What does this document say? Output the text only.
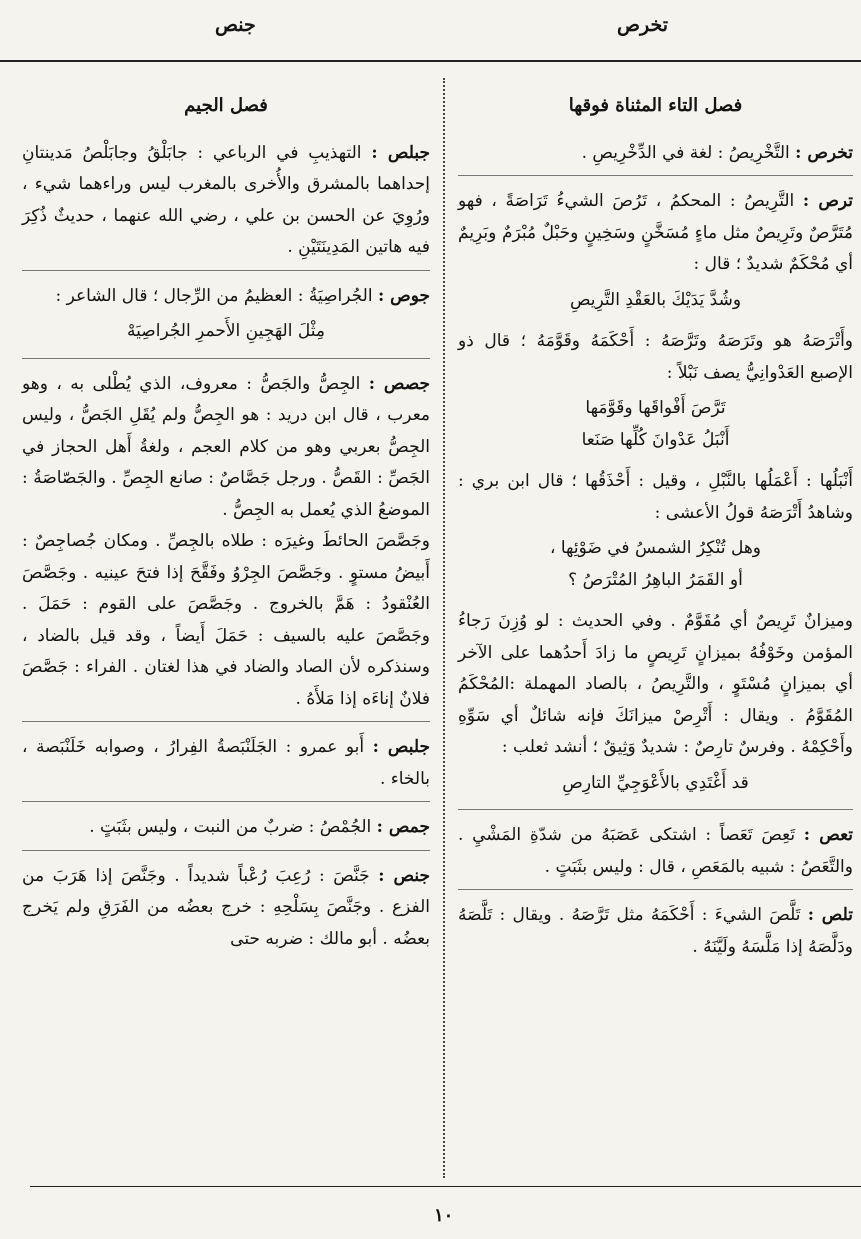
جنص	تخرص
فصل التاء المثناة فوقها
تخرص : التَّخْرِيصُ : لغة في الدِّخْرِيصِ .
ترص : التَّرِيصُ : المحكمُ ، تَرُصَ الشيءُ تَرَاصَةً ، فهو مُتَرَّصٌ وتَرِيصٌ مثل ماءٍ مُسَخَّنٍ وسَخِينٍ وحَبْلٌ مُبْرَمٌ وبَرِيمٌ أي مُحْكَمٌ شديدٌ ؛ قال :
وشُدَّ يَدَيْكَ بالعَقْدِ التَّرِيصِ
وأَتْرَصَهُ هو وتَرَصَهُ وتَرَّصَهُ : أَحْكَمَهُ وقَوَّمَهُ ؛ قال ذو الإصبع العَدْوانِيُّ يصف نَبْلاً :
تَرَّصَ أَفْواقَها وقَوَّمَها
أَنْبَلُ عَدْوانَ كُلِّها صَنَعا
أَنْبَلُها : أَعْمَلُها بالنَّبْلِ ، وقيل : أَحْذَقُها ؛ قال ابن بري : وشاهدُ أَتْرَصَهُ قولُ الأعشى :
وهل تُنْكِرُ الشمسُ في ضَوْئِها ،
أو القَمَرُ الباهِرُ المُتْرَصُ ؟
وميزانٌ تَرِيصٌ أي مُقَوَّمٌ . وفي الحديث : لو وُزِنَ رَجاءُ المؤمن وخَوْفُهُ بميزانٍ تَرِيصٍ ما زادَ أَحدُهما على الآخر أي بميزانٍ مُسْتَوٍ ، والتَّرِيصُ ، بالصاد المهملة :المُحْكَمُ المُقَوَّمُ . ويقال : أَتْرِصْ ميزانَكَ فإنه شائلٌ أي سَوِّهِ وأَحْكِمْهُ . وفرسٌ تارِصٌ : شديدٌ وَثِيقٌ ؛ أنشد ثعلب :
قد أَغْتَدِي بالأَعْوَجِيِّ التارِصِ
تعص : تَعِصَ تَعَصاً : اشتكى عَصَبَهُ من شدّةِ المَشْيِ . والتَّعَصُ : شبيه بالمَعَصِ ، قال : وليس بثَبَتٍ .
تلص : تَلَّصَ الشيءَ : أَحْكَمَهُ مثل تَرَّصَهُ . ويقال : تَلَّصَهُ ودَلَّصَهُ إذا مَلَّسَهُ ولَيَّنَهُ .
فصل الجيم
جبلص : التهذيبِ في الرباعي : جابَلْقُ وجابَلْصُ مَدينتانِ إحداهما بالمشرق والأُخرى بالمغرب ليس وراءهما شيء ، ورُوِيَ عن الحسن بن علي ، رضي الله عنهما ، حديثٌ ذُكِرَ فيه هاتين المَدِينَتَيْنِ .
جوص : الجُراصِيَةُ : العظيمُ من الرِّجال ؛ قال الشاعر :
مِثْلَ الهَجِينِ الأَحمرِ الجُراصِيَهْ
جصص : الجِصُّ والجَصُّ : معروف، الذي يُطْلى به ، وهو معرب ، قال ابن دريد : هو الجِصُّ ولم يُقَلِ الجَصُّ ، وليس الجِصُّ بعربي وهو من كلام العجم ، ولغةُ أَهل الحجاز في الجَصِّ : القَصُّ . ورجل جَصَّاصٌ : صانع الجِصِّ . والجَصّاصَةُ : الموضعُ الذي يُعمل به الجِصُّ .
وجَصَّصَ الحائطَ وغيرَه : طلاه بالجِصِّ . ومكان جُصاجِصٌ : أَبيضُ مستوٍ . وجَصَّصَ الجِرْوُ وفَقَّحَ إذا فتحَ عينيه . وجَصَّصَ العُنْقودُ : هَمَّ بالخروج . وجَصَّصَ على القوم : حَمَلَ . وجَصَّصَ عليه بالسيف : حَمَلَ أَيضاً ، وقد قيل بالضاد ، وسنذكره لأن الصاد والضاد في هذا لغتان . الفراء : جَصَّصَ فلانٌ إناءَه إذا مَلأَهُ .
جلبص : أَبو عمرو : الجَلَنْبَصةُ الفِرارُ ، وصوابه خَلَنْبَصة ، بالخاء .
جمص : الجُمْصُ : ضربٌ من النبت ، وليس بثَبَتٍ .
جنص : جَنَّصَ : رُعِبَ رُعْباً شديداً . وجَنَّصَ إذا هَرَبَ من الفزع . وجَنَّصَ بِسَلْحِهِ : خرج بعضُه من الفَرَقِ ولم يَخرج بعضُه . أبو مالك : ضربه حتى
١٠
